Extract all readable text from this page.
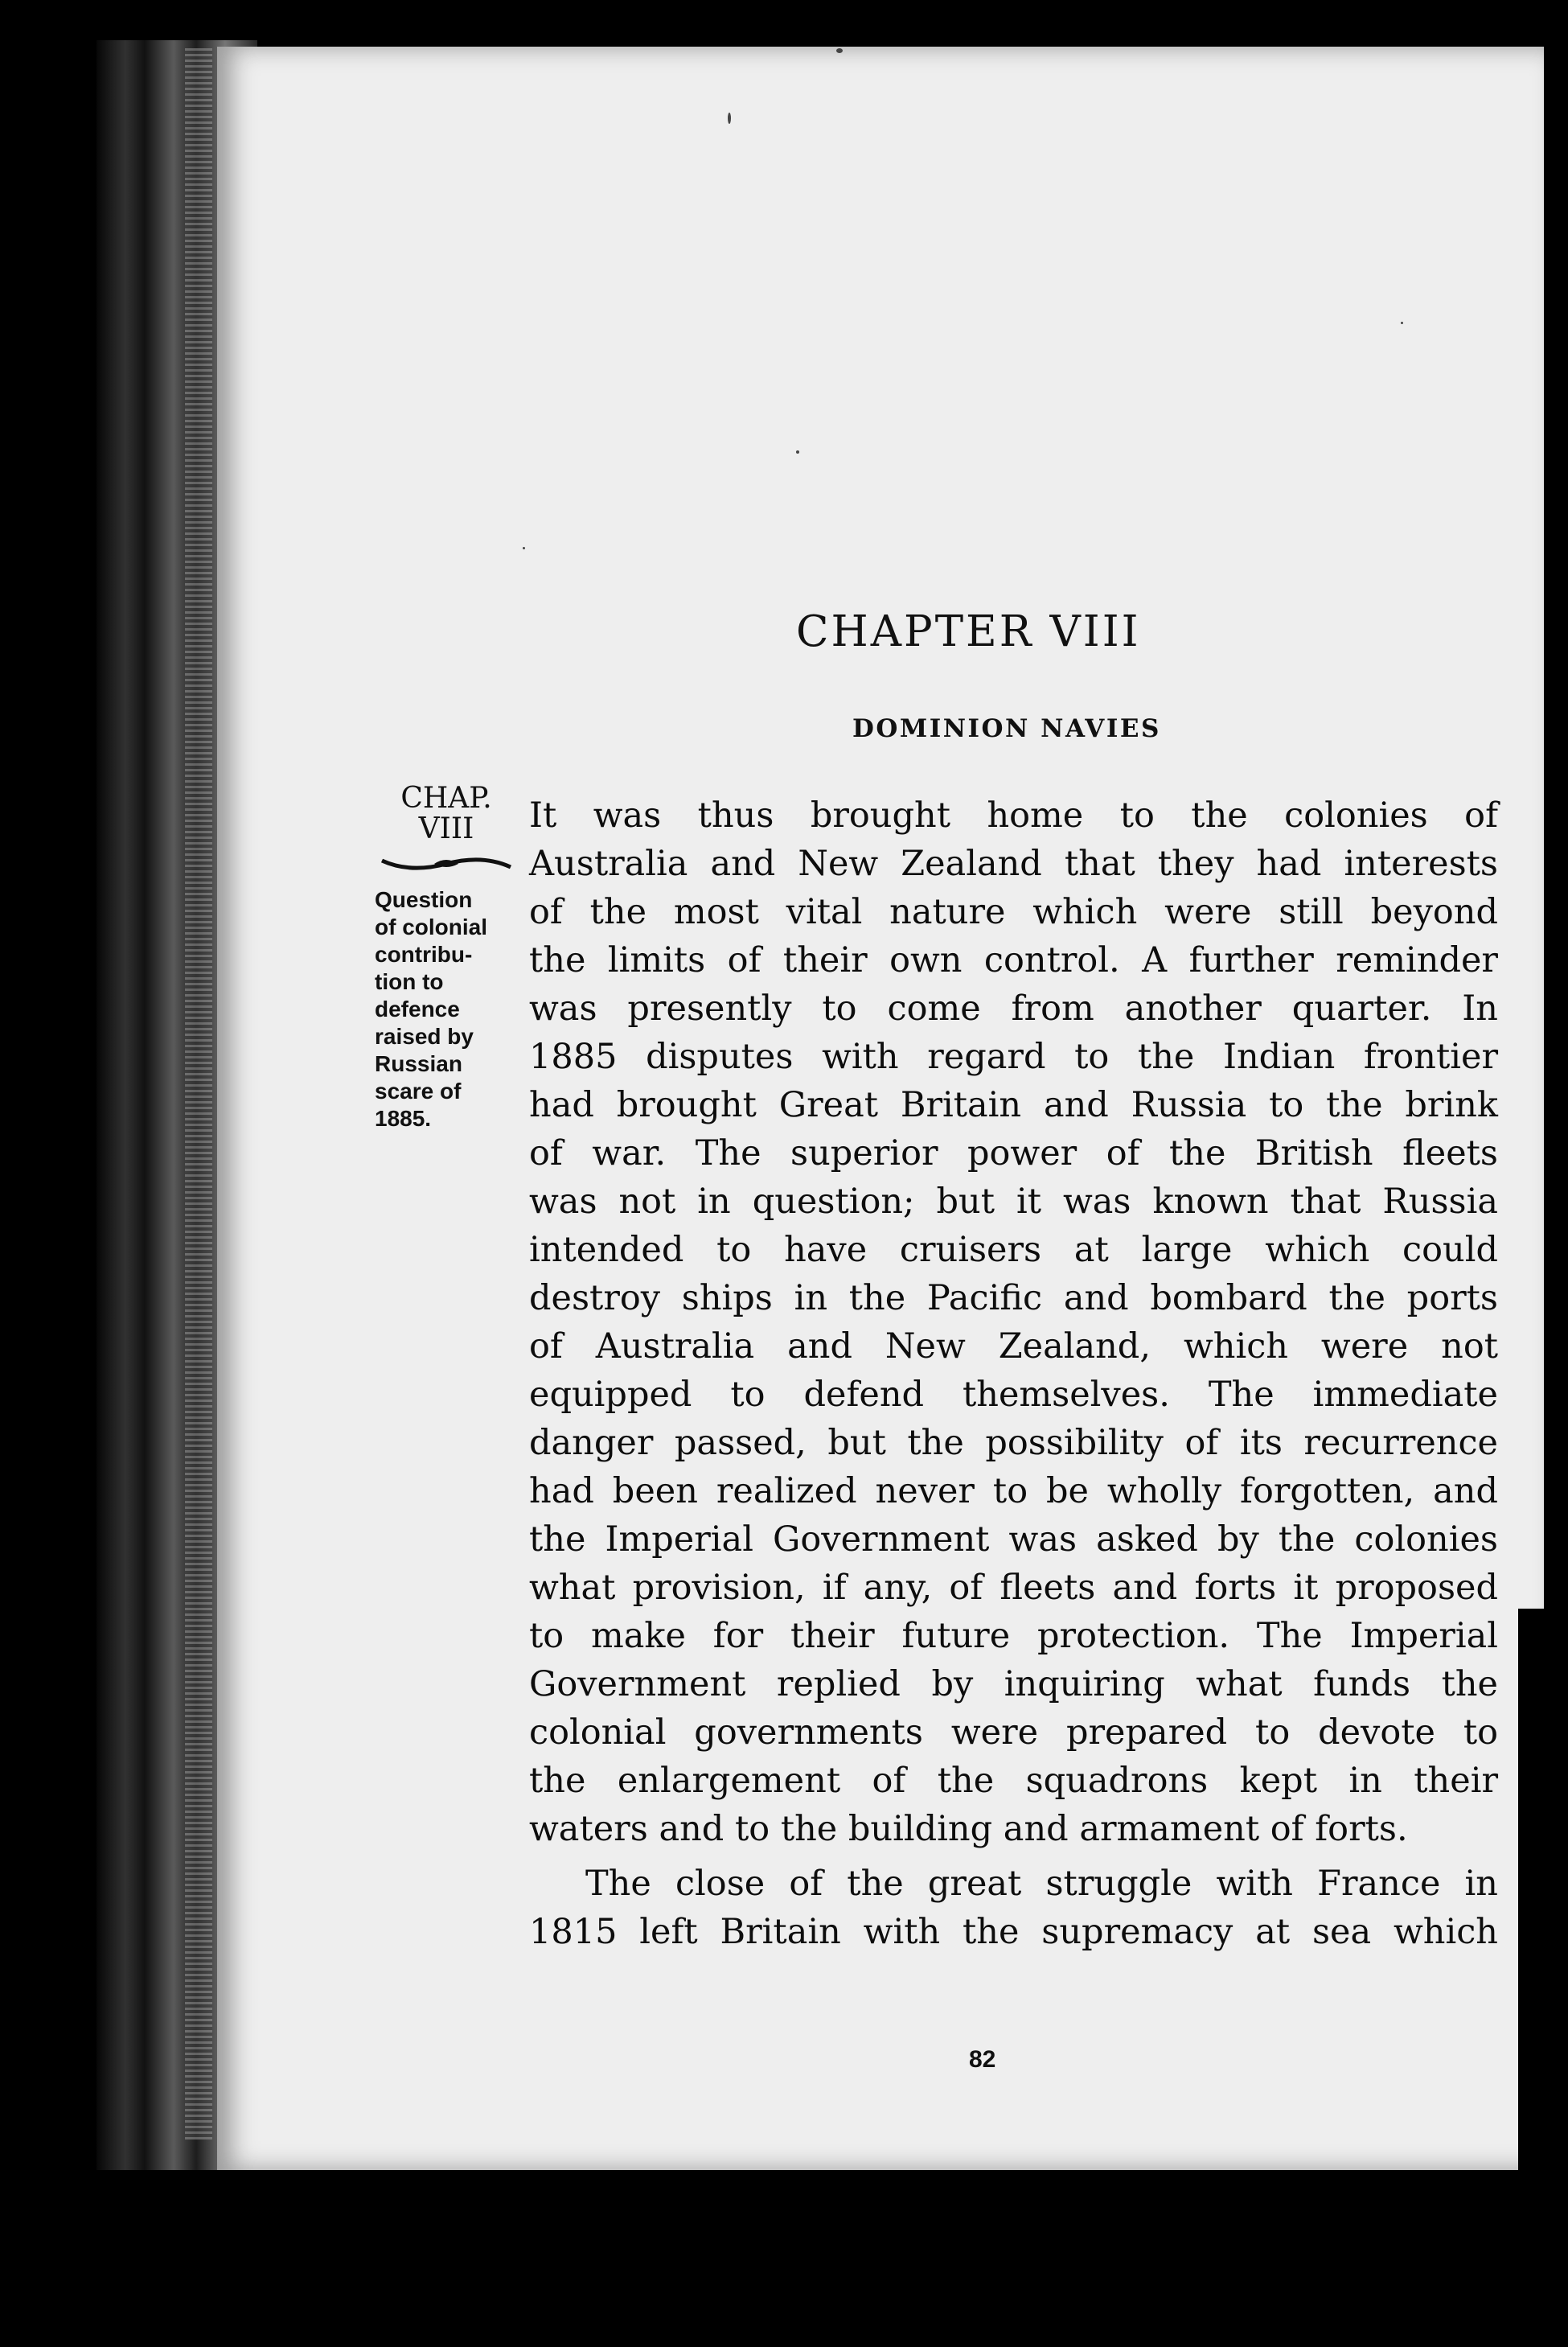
CHAPTER VIII
DOMINION NAVIES
CHAP.
VIII
Question
of colonial
contribu-
tion to
defence
raised by
Russian
scare of
1885.
It was thus brought home to the colonies of
Australia and New Zealand that they had interests
of the most vital nature which were still beyond
the limits of their own control. A further reminder
was presently to come from another quarter. In
1885 disputes with regard to the Indian frontier
had brought Great Britain and Russia to the brink
of war. The superior power of the British fleets
was not in question; but it was known that Russia
intended to have cruisers at large which could
destroy ships in the Pacific and bombard the ports
of Australia and New Zealand, which were not
equipped to defend themselves. The immediate
danger passed, but the possibility of its recurrence
had been realized never to be wholly forgotten, and
the Imperial Government was asked by the colonies
what provision, if any, of fleets and forts it proposed
to make for their future protection. The Imperial
Government replied by inquiring what funds the
colonial governments were prepared to devote to
the enlargement of the squadrons kept in their
waters and to the building and armament of forts.
The close of the great struggle with France in
1815 left Britain with the supremacy at sea which
82
